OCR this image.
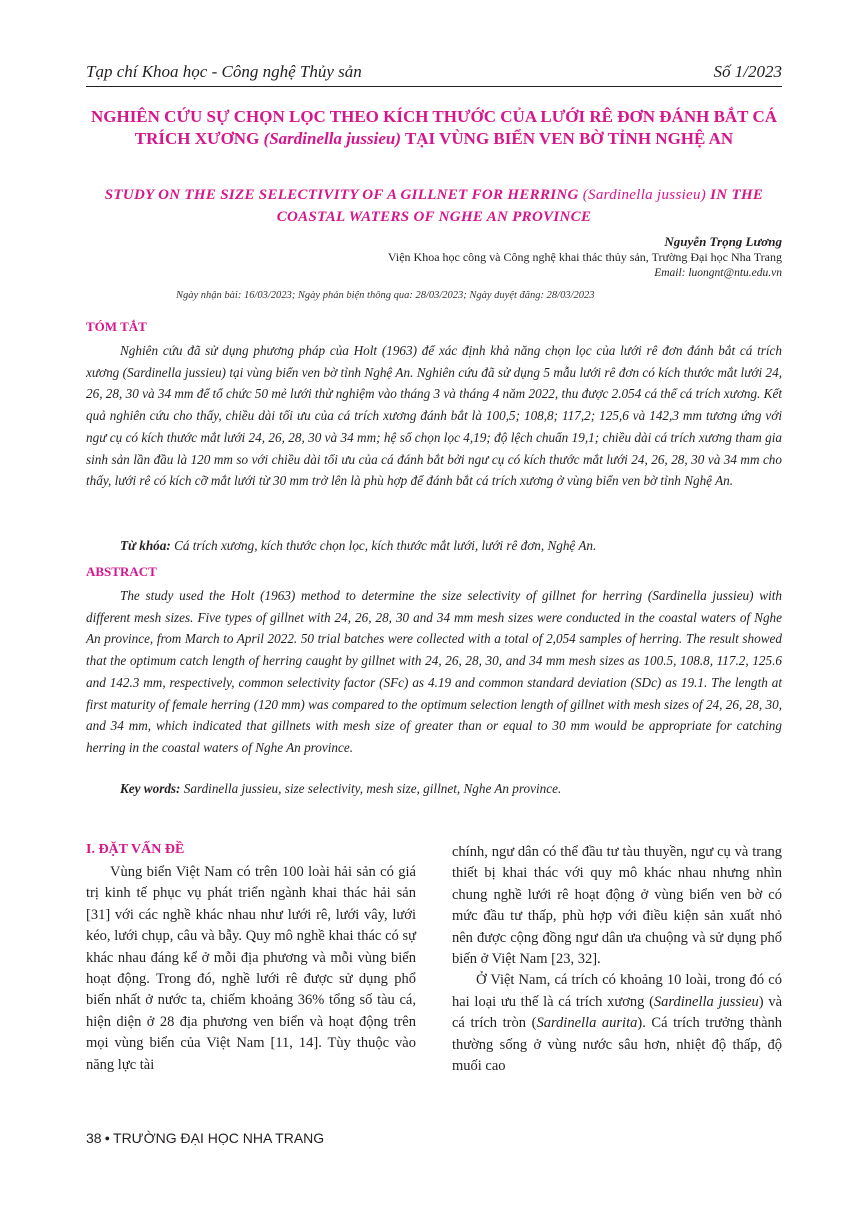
Tạp chí Khoa học - Công nghệ Thủy sản	Số 1/2023
NGHIÊN CỨU SỰ CHỌN LỌC THEO KÍCH THƯỚC CỦA LƯỚI RÊ ĐƠN ĐÁNH BẮT CÁ TRÍCH XƯƠNG (Sardinella jussieu) TẠI VÙNG BIỂN VEN BỜ TỈNH NGHỆ AN
STUDY ON THE SIZE SELECTIVITY OF A GILLNET FOR HERRING (Sardinella jussieu) IN THE COASTAL WATERS OF NGHE AN PROVINCE
Nguyễn Trọng Lương
Viện Khoa học công và Công nghệ khai thác thủy sản, Trường Đại học Nha Trang
Email: luongnt@ntu.edu.vn
Ngày nhận bài: 16/03/2023; Ngày phản biện thông qua: 28/03/2023; Ngày duyệt đăng: 28/03/2023
TÓM TẮT
Nghiên cứu đã sử dụng phương pháp của Holt (1963) để xác định khả năng chọn lọc của lưới rê đơn đánh bắt cá trích xương (Sardinella jussieu) tại vùng biển ven bờ tỉnh Nghệ An. Nghiên cứu đã sử dụng 5 mẫu lưới rê đơn có kích thước mắt lưới 24, 26, 28, 30 và 34 mm để tổ chức 50 mẻ lưới thử nghiệm vào tháng 3 và tháng 4 năm 2022, thu được 2.054 cá thể cá trích xương. Kết quả nghiên cứu cho thấy, chiều dài tối ưu của cá trích xương đánh bắt là 100,5; 108,8; 117,2; 125,6 và 142,3 mm tương ứng với ngư cụ có kích thước mắt lưới 24, 26, 28, 30 và 34 mm; hệ số chọn lọc 4,19; độ lệch chuẩn 19,1; chiều dài cá trích xương tham gia sinh sản lần đầu là 120 mm so với chiều dài tối ưu của cá đánh bắt bởi ngư cụ có kích thước mắt lưới 24, 26, 28, 30 và 34 mm cho thấy, lưới rê có kích cỡ mắt lưới từ 30 mm trở lên là phù hợp để đánh bắt cá trích xương ở vùng biển ven bờ tỉnh Nghệ An.
Từ khóa: Cá trích xương, kích thước chọn lọc, kích thước mắt lưới, lưới rê đơn, Nghệ An.
ABSTRACT
The study used the Holt (1963) method to determine the size selectivity of gillnet for herring (Sardinella jussieu) with different mesh sizes. Five types of gillnet with 24, 26, 28, 30 and 34 mm mesh sizes were conducted in the coastal waters of Nghe An province, from March to April 2022. 50 trial batches were collected with a total of 2,054 samples of herring. The result showed that the optimum catch length of herring caught by gillnet with 24, 26, 28, 30, and 34 mm mesh sizes as 100.5, 108.8, 117.2, 125.6 and 142.3 mm, respectively, common selectivity factor (SFc) as 4.19 and common standard deviation (SDc) as 19.1. The length at first maturity of female herring (120 mm) was compared to the optimum selection length of gillnet with mesh sizes of 24, 26, 28, 30, and 34 mm, which indicated that gillnets with mesh size of greater than or equal to 30 mm would be appropriate for catching herring in the coastal waters of Nghe An province.
Key words: Sardinella jussieu, size selectivity, mesh size, gillnet, Nghe An province.
I. ĐẶT VẤN ĐỀ

Vùng biển Việt Nam có trên 100 loài hải sản có giá trị kinh tế phục vụ phát triển ngành khai thác hải sản [31] với các nghề khác nhau như lưới rê, lưới vây, lưới kéo, lưới chụp, câu và bẫy. Quy mô nghề khai thác có sự khác nhau đáng kể ở mỗi địa phương và mỗi vùng biển hoạt động. Trong đó, nghề lưới rê được sử dụng phổ biến nhất ở nước ta, chiếm khoảng 36% tổng số tàu cá, hiện diện ở 28 địa phương ven biển và hoạt động trên mọi vùng biển của Việt Nam [11, 14]. Tùy thuộc vào năng lực tài

chính, ngư dân có thể đầu tư tàu thuyền, ngư cụ và trang thiết bị khai thác với quy mô khác nhau nhưng nhìn chung nghề lưới rê hoạt động ở vùng biển ven bờ có mức đầu tư thấp, phù hợp với điều kiện sản xuất nhỏ nên được cộng đồng ngư dân ưa chuộng và sử dụng phổ biến ở Việt Nam [23, 32].

Ở Việt Nam, cá trích có khoảng 10 loài, trong đó có hai loại ưu thế là cá trích xương (Sardinella jussieu) và cá trích tròn (Sardinella aurita). Cá trích trưởng thành thường sống ở vùng nước sâu hơn, nhiệt độ thấp, độ muối cao

38 ● TRƯỜNG ĐẠI HỌC NHA TRANG
